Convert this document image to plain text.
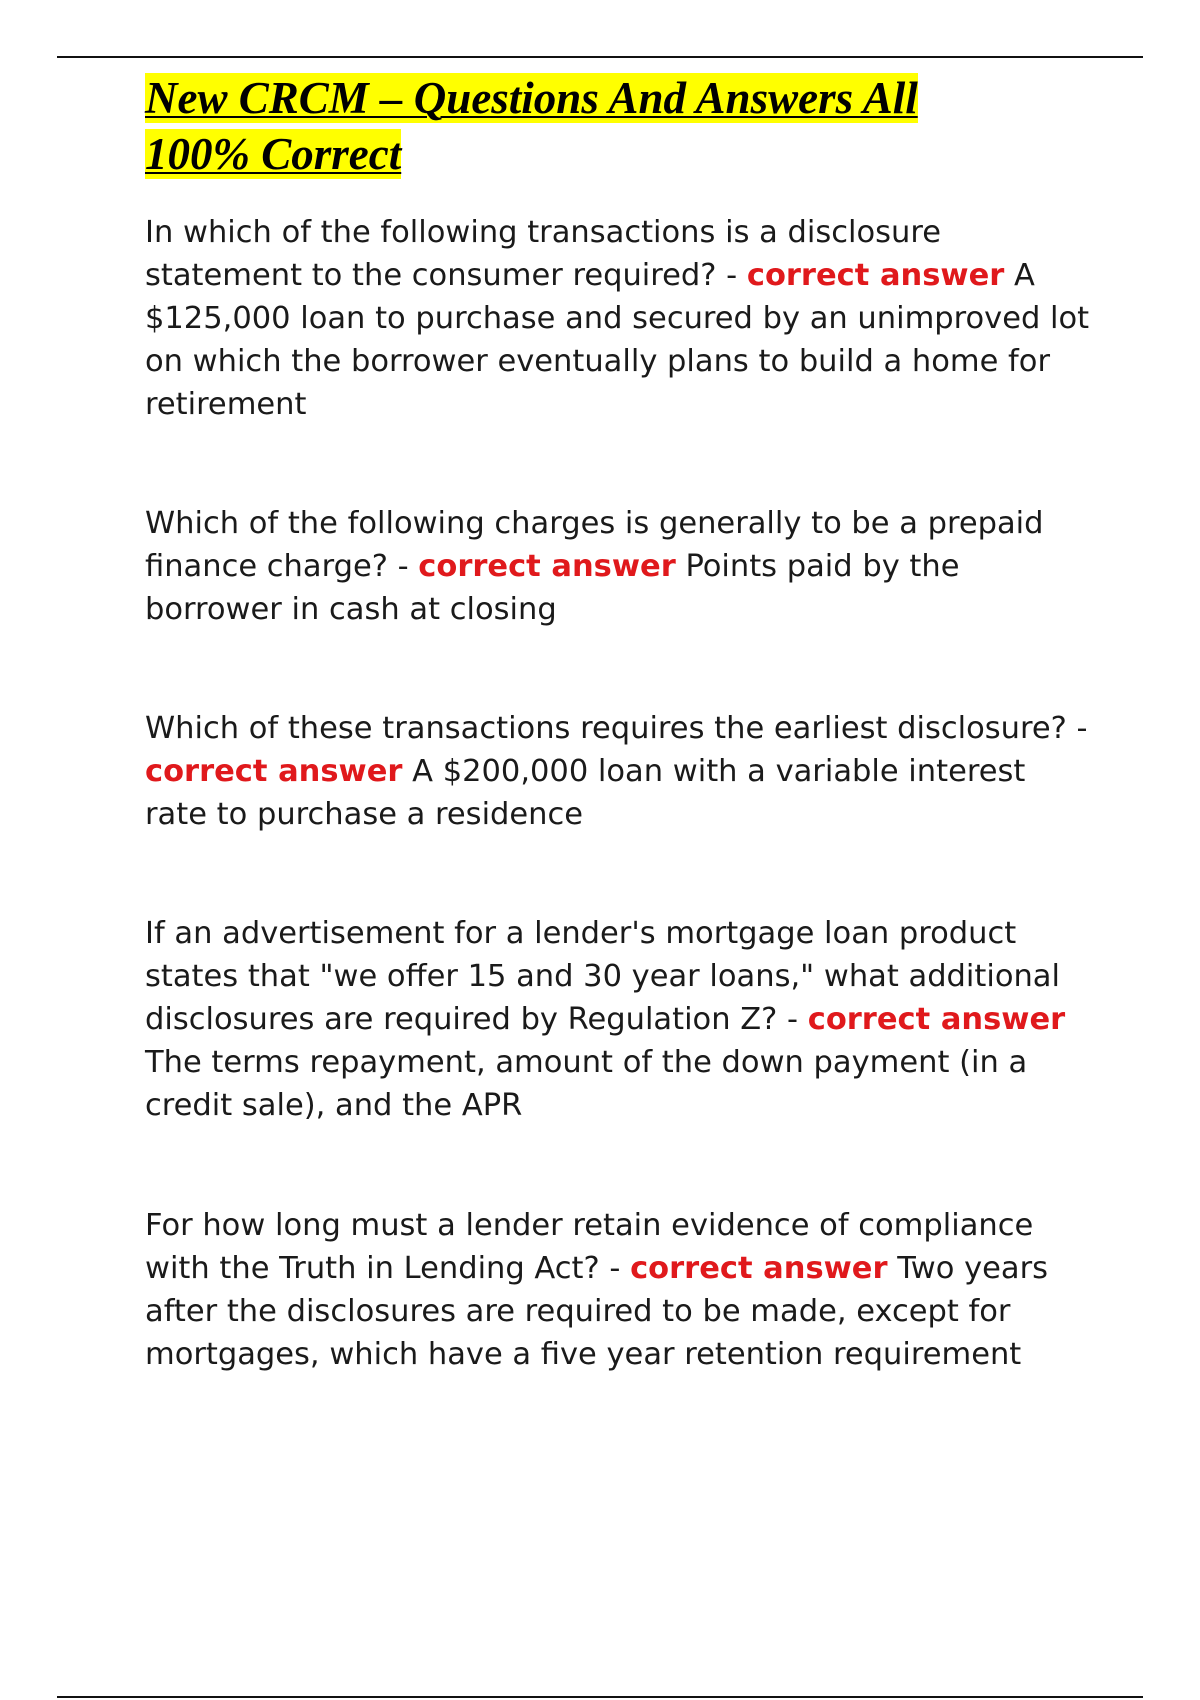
New CRCM – Questions And Answers All
100% Correct

In which of the following transactions is a disclosure statement to the consumer required? - correct answer A $125,000 loan to purchase and secured by an unimproved lot on which the borrower eventually plans to build a home for retirement

Which of the following charges is generally to be a prepaid finance charge? - correct answer Points paid by the borrower in cash at closing

Which of these transactions requires the earliest disclosure? - correct answer A $200,000 loan with a variable interest rate to purchase a residence

If an advertisement for a lender's mortgage loan product states that "we offer 15 and 30 year loans," what additional disclosures are required by Regulation Z? - correct answer The terms repayment, amount of the down payment (in a credit sale), and the APR

For how long must a lender retain evidence of compliance with the Truth in Lending Act? - correct answer Two years after the disclosures are required to be made, except for mortgages, which have a five year retention requirement
